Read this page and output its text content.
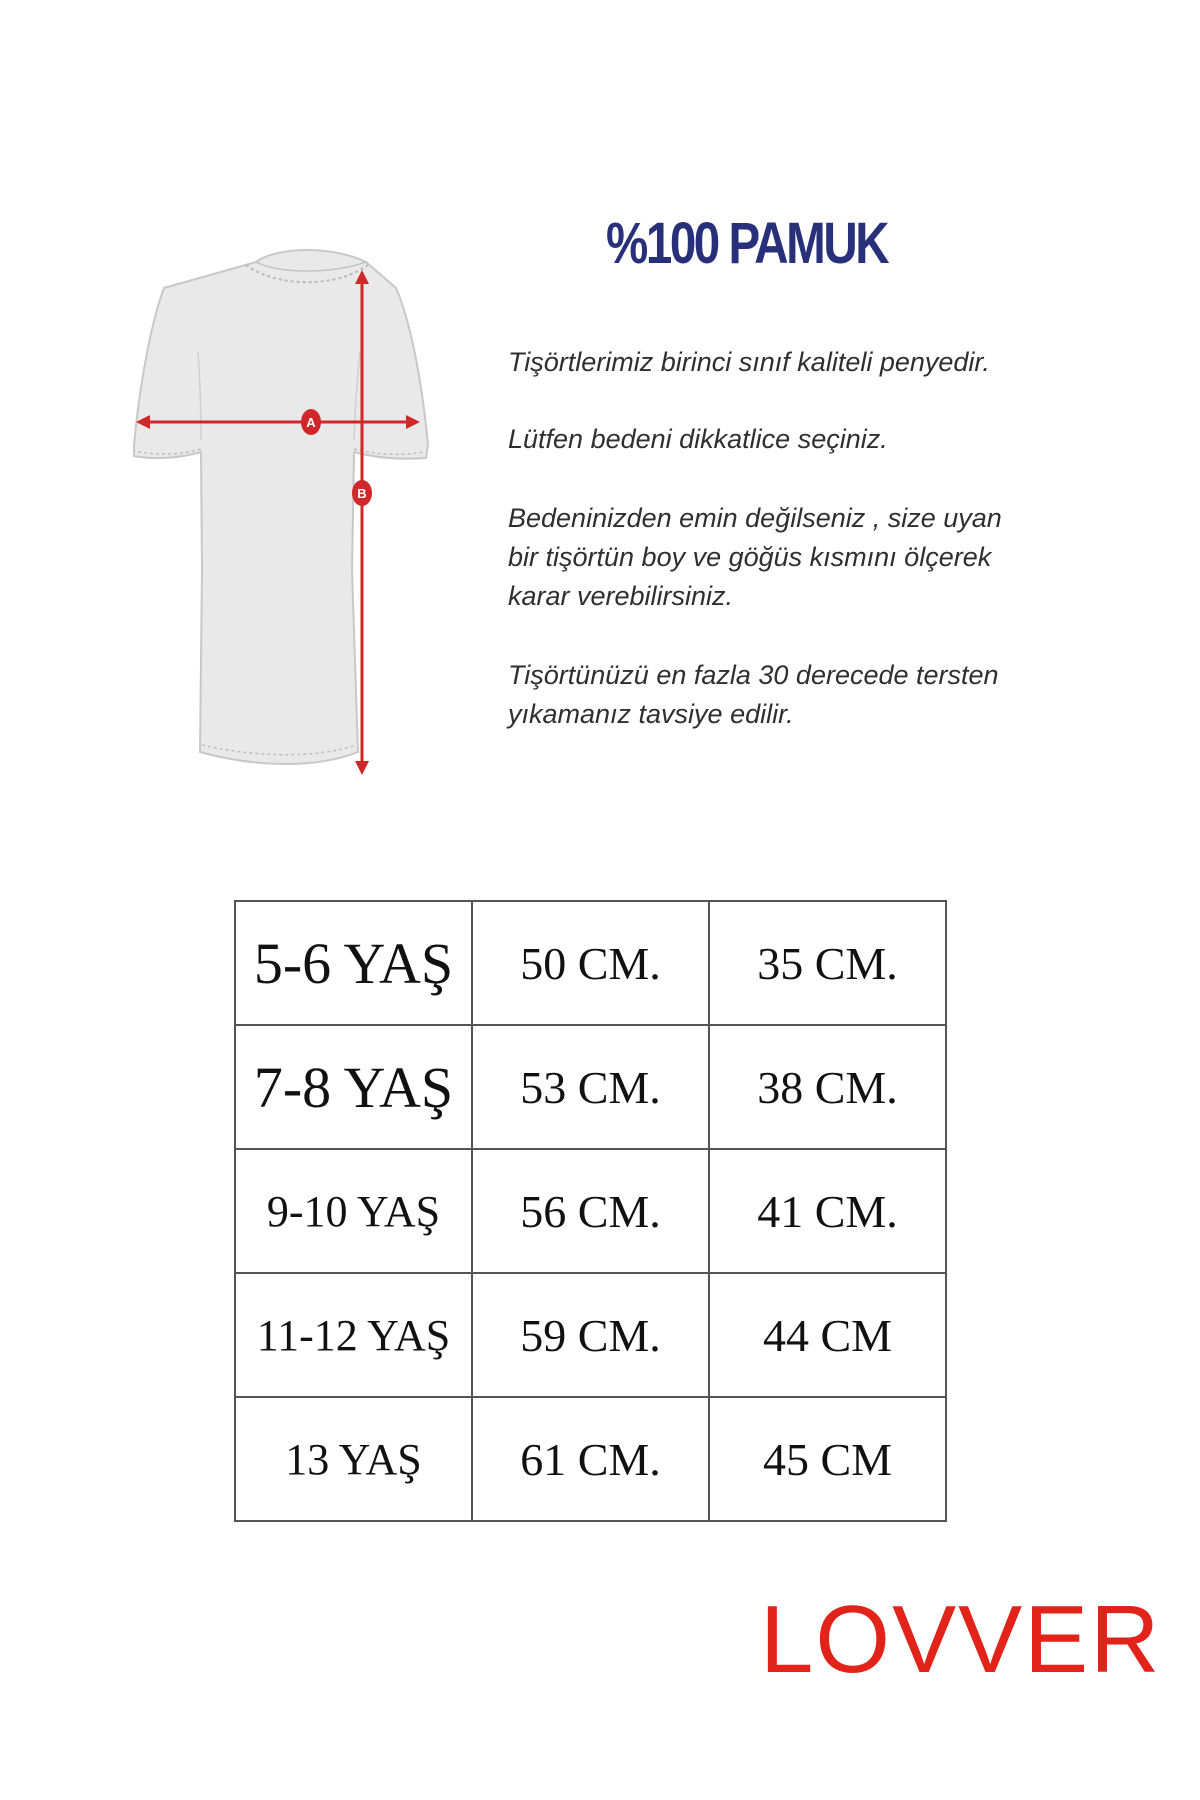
A
B
%100 PAMUK

Tişörtlerimiz birinci sınıf kaliteli penyedir.

Lütfen bedeni dikkatlice seçiniz.

Bedeninizden emin değilseniz , size uyan
bir tişörtün boy ve göğüs kısmını ölçerek
karar verebilirsiniz.

Tişörtünüzü en fazla 30 derecede tersten
yıkamanız tavsiye edilir.

5-6 YAŞ	50 CM.	35 CM.
7-8 YAŞ	53 CM.	38 CM.
9-10 YAŞ	56 CM.	41 CM.
11-12 YAŞ	59 CM.	44 CM
13 YAŞ	61 CM.	45 CM
LOVVER
